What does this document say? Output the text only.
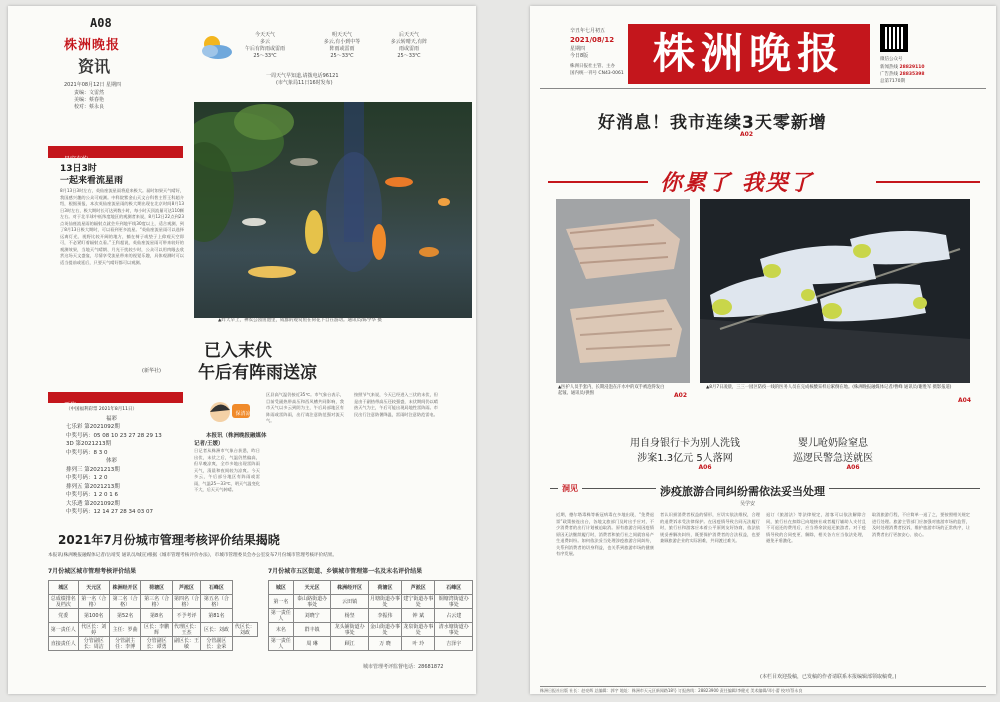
A08
株洲晚报
资讯
2021年08月12日 星期四
责编：文雷然
美编：蔡春艳
校对：蔡永良
今天天气
多云
午后有阵雨或雷雨
25～33℃
明天天气
多云,有小到中等
阵雨或雷雨
25～33℃
后天天气
多云转晴天,有阵
雨或雷雨
25～33℃
一周天气早知道,请拨电话96121
(市气象局11日16时发布)
星空有约
13日3时
一起来看流星雨
8月13日3时左右，英仙座流星雨将迎来极大。届时如果天气晴好，我国感兴趣的公众可观测。中科院紫金山天文台科普主管王科超介绍，根据预报，本次英仙座流星雨的极大期出现在北京时间8月13日3时左右，极大期时长可达到数小时，每小时天顶流量可达110颗左右。对于北半球中低纬度地区的观测者来说，8月12日22点到23点英仙座流星雨的辐射点就会升到地平线30度以上，适合观测，到了8月13日极大期时，可以看到更多流星。“英仙座流星雨可以选择远离灯光、视野比较开阔的地方，躺在椅子或垫子上仰观天空即可，不必紧盯着辐射点看。”王科超说，英仙座流星雨可带来较好的观测效果，当地天气晴朗、月光干扰较少时，公众可以用肉眼去欣赏这场天文盛宴，尽情享受流星带来的视觉乐趣，具体观测时可以适当提前或延后，只要天气晴好都可以观测。
(新华社)
▲昨天早上，神农公园鱼池里，成群的观赏鱼在荷花下自在游动。通讯员/陈学华 摄
已入末伏
午后有阵雨送凉
保清凉
本报讯（株洲晚报融媒体
记者/王媛）
日记者从株洲市气象台获悉，昨日出伏，末伏之后，气温仍然偏高，但早晚凉爽，全市多地出现雷阵雨天气，清晨和夜间较为凉爽。今天多云，午后部分地区有阵雨或雷雨，气温25～33℃，明天气温变化不大，后天天气转晴。
区县高气温仍接近35℃。市气象台表示，目前受副热带高压和西风槽共同影响，我市天气以多云到阴为主，午后局部地区有阵雨或雷阵雨，出行请注意防范强对流天气。
按照节气来说，今天已经进入三伏的末伏，但是由于副热带高压还较强盛，末伏期间仍以晴热天气为主，午后可能出现局地性雷阵雨。市民出行注意防暑降温，雷雨时注意防范雷电。
开奖
（中国福利彩票 2021年8月11日）
福彩
七乐彩 第2021092期
中奖号码：05 08 10 23 27 28 29 13
3D 第2021213期
中奖号码：8 3 0
体彩
排列三 第2021213期
中奖号码：1 2 0
排列五 第2021213期
中奖号码：1 2 0 1 6
大乐透 第2021092期
中奖号码：12 14 27 28 34 03 07
2021年7月份城市管理考核评价结果揭晓
本报讯(株洲晚报融媒体记者/岳靖雯 通讯员/城宣)根据《城市管理考核评价办法》，市城市管理委员会办公室发布7月份城市管理考核评价结果。
7月份城区城市管理考核评价结果
城区	天元区	株洲经开区	荷塘区	芦淞区	石峰区	
总成绩排名及档次	第一名（合格）	第二名（合格）	第三名（合格）	第四名（合格）	第五名（合格）	
党委	第100名	第52名	第8名	不予考评	第81名	
第一责任人	代区长：刘婷	主任：罗曲	区长：李鹏辉	代理区长：王杰	区长：刘政	代区长：刘政
直接责任人	分管副区长：周洁	分管副主任：李博	分管副区长：谭勇	副区长：王敏	分管副区长：金荣	
7月份城市五区街道、乡镇城市管理第一名及末名评价结果
城区	天元区	株洲经开区	荷塘区	芦淞区	石峰区
第一名	泰山路街道办事处	云田镇	月塘街道办事处	建宁街道办事处	铜塘湾街道办事处
第一责任人	刘晓宁	杨坚	李振伟	钟 斌	占云建
末名	群丰镇	龙头铺街道办事处	金山街道办事处	龙泉街道办事处	清水塘街道办事处
第一责任人	周 琳	顾江	万 晓	叶 玲	吉泽宇
城市管理考评监督电话：28681872
辛丑年七月初五
2021/08/12
星期四
今日8版
株洲日报社主管、主办
国内统一刊号 CN43-0061 株洲晚报	微信公众号
新闻热线 28829110
广告热线 28835398
总第7170期
好消息！我市连续3天零新增
A02
你累了 我哭了
▲医护人员手套内，长期浸泡在汗水中的双手被泡得发白起皱。通讯员/供图	A02
▲8月7日凌晨，三三一园区防疫一线的医务人员在完成核酸采样后累倒在地。(株洲晚报融媒体记者/曹峰 通讯员/谢胜军 摄影报道)
A04
用自身银行卡为别人洗钱
涉案1.3亿元 5人落网
A06
婴儿呛奶险窒息
巡逻民警急送就医
A06
洞见	涉疫旅游合同纠纷需依法妥当处理
吴学安
近期，德尔塔毒株等新冠病毒在多地出现，“免费退票”政策接连出台，各地文旅部门及时出手应对，不少消费者的出行计划被迫取消。原有旅游合同因疫情原因无法继续履行时，消费者和旅行社之间就容易产生退费纠纷。如何依法妥当处理涉疫旅游合同纠纷，关系到消费者的切身利益，也关系到旅游市场的健康有序发展。
者认识损消费者权益的情形，应切实依法维权，合理的退费诉求受法律保护。在因疫情导致合同无法履行时，旅行社和游客应本着公平原则友好协商，依法依规妥善解决纠纷，既要保护消费者的合法权益，也要兼顾旅游企业的实际困难，共同渡过难关。
退订《旅游法》等法律规定，游客可以依法解除合同，旅行社在扣除已向地接社或者履行辅助人支付且不可退还的费用后，应当将余款退还旅游者。对于疫情导致的合同变更、解除，相关各方应当依法处理，避免矛盾激化。
取消旅游行程，不应简单一退了之，要按照相关规定进行处理。旅游主管部门应加强对旅游市场的监管，及时处理消费者投诉，维护旅游市场的正常秩序，让消费者出行更加安心、放心。
(本栏目欢迎投稿，已发稿的作者请联系本报编辑部领取稿费。)
株洲日报社出版 社长：赵亮辉 总编辑：郭宇 地址：株洲市天元区新闻路18号 订报热线：28823900 责任编辑/李健光 美术编辑/邓小蕾 校对/蔡永良
